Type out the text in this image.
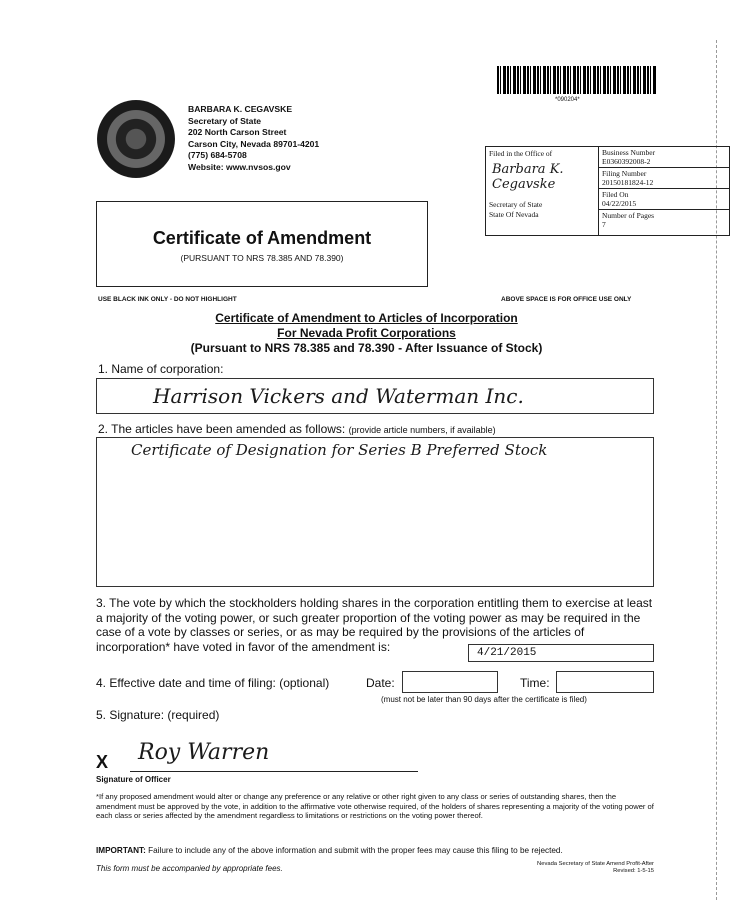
BARBARA K. CEGAVSKE
Secretary of State
202 North Carson Street
Carson City, Nevada 89701-4201
(775) 684-5708
Website: www.nvsos.gov
*090204*
Filed in the Office of
Barbara K. Cegavske
Secretary of State
State Of Nevada
Business Number
E0360392008-2
Filing Number
20150181824-12
Filed On
04/22/2015
Number of Pages
7
Certificate of Amendment
(PURSUANT TO NRS 78.385 AND 78.390)
USE BLACK INK ONLY - DO NOT HIGHLIGHT	ABOVE SPACE IS FOR OFFICE USE ONLY
Certificate of Amendment to Articles of Incorporation
For Nevada Profit Corporations
(Pursuant to NRS 78.385 and 78.390 - After Issuance of Stock)
1. Name of corporation:
Harrison Vickers and Waterman Inc.
2. The articles have been amended as follows: (provide article numbers, if available)
Certificate of Designation for Series B Preferred Stock
3. The vote by which the stockholders holding shares in the corporation entitling them to exercise at least a majority of the voting power, or such greater proportion of the voting power as may be required in the case of a vote by classes or series, or as may be required by the provisions of the articles of incorporation* have voted in favor of the amendment is:	4/21/2015
4. Effective date and time of filing: (optional)	Date:	Time:
(must not be later than 90 days after the certificate is filed)
5. Signature: (required)
X Roy Warren
Signature of Officer
*If any proposed amendment would alter or change any preference or any relative or other right given to any class or series of outstanding shares, then the amendment must be approved by the vote, in addition to the affirmative vote otherwise required, of the holders of shares representing a majority of the voting power of each class or series affected by the amendment regardless to limitations or restrictions on the voting power thereof.
IMPORTANT: Failure to include any of the above information and submit with the proper fees may cause this filing to be rejected.
This form must be accompanied by appropriate fees.	Nevada Secretary of State Amend Profit-After
Revised: 1-5-15
